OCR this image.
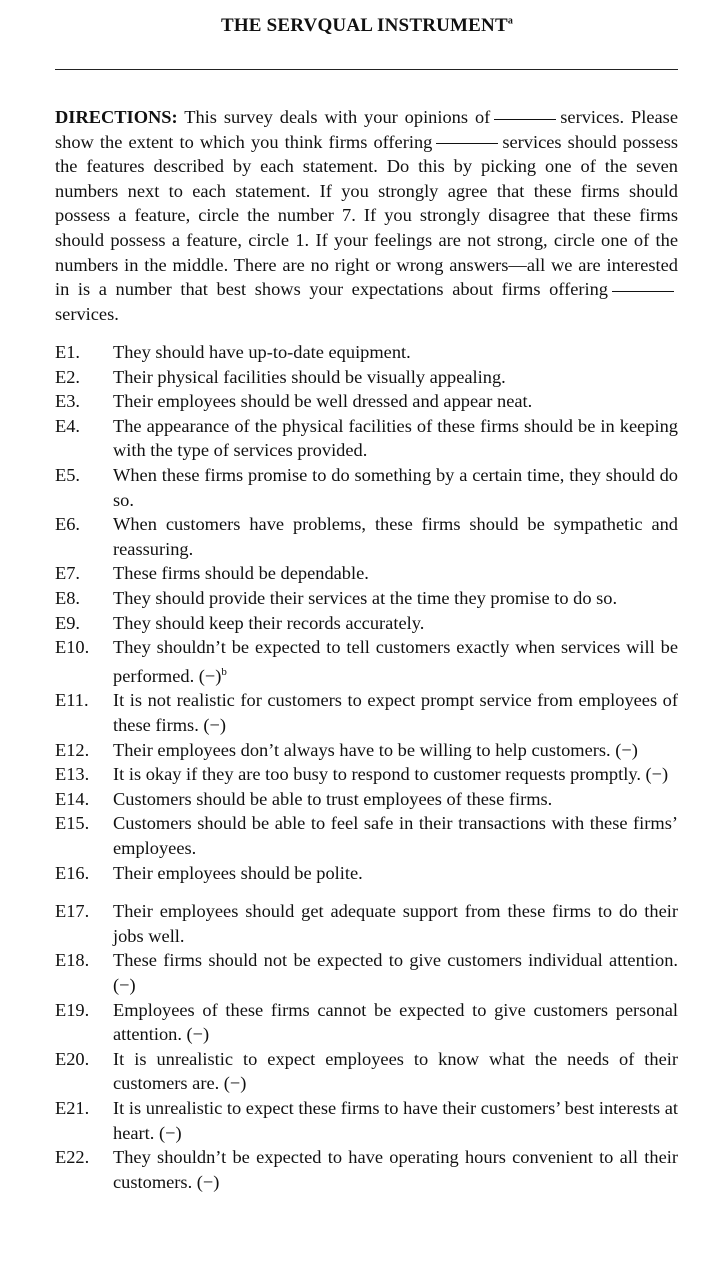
THE SERVQUAL INSTRUMENT$^a$
DIRECTIONS: This survey deals with your opinions of	services. Please show the extent to which you think firms offering	services should possess the features described by each statement. Do this by picking one of the seven numbers next to each statement. If you strongly agree that these firms should possess a feature, circle the number 7. If you strongly disagree that these firms should possess a feature, circle 1. If your feelings are not strong, circle one of the numbers in the middle. There are no right or wrong answers—all we are interested in is a number that best shows your expectations about firms offeringservices.
E1.	They should have up-to-date equipment.
E2.	Their physical facilities should be visually appealing.
E3.	Their employees should be well dressed and appear neat.
E4.	The appearance of the physical facilities of these firms should be in keeping with the type of services provided.
E5.	When these firms promise to do something by a certain time, they should do so.
E6.	When customers have problems, these firms should be sympathetic and reassuring.
E7.	These firms should be dependable.
E8.	They should provide their services at the time they promise to do so.
E9.	They should keep their records accurately.
E10.	They shouldn’t be expected to tell customers exactly when services will be performed. $(-)^b$
E11.	It is not realistic for customers to expect prompt service from employees of these firms. (−)
E12.	Their employees don’t always have to be willing to help customers. (−)
E13.	It is okay if they are too busy to respond to customer requests promptly. (−)
E14.	Customers should be able to trust employees of these firms.
E15.	Customers should be able to feel safe in their transactions with these firms’ employees.
E16.	Their employees should be polite.
E17.	Their employees should get adequate support from these firms to do their jobs well.
E18.	These firms should not be expected to give customers individual attention. (−)
E19.	Employees of these firms cannot be expected to give customers personal attention. (−)
E20.	It is unrealistic to expect employees to know what the needs of their customers are. (−)
E21.	It is unrealistic to expect these firms to have their customers’ best interests at heart. (−)
E22.	They shouldn’t be expected to have operating hours convenient to all their customers. (−)
